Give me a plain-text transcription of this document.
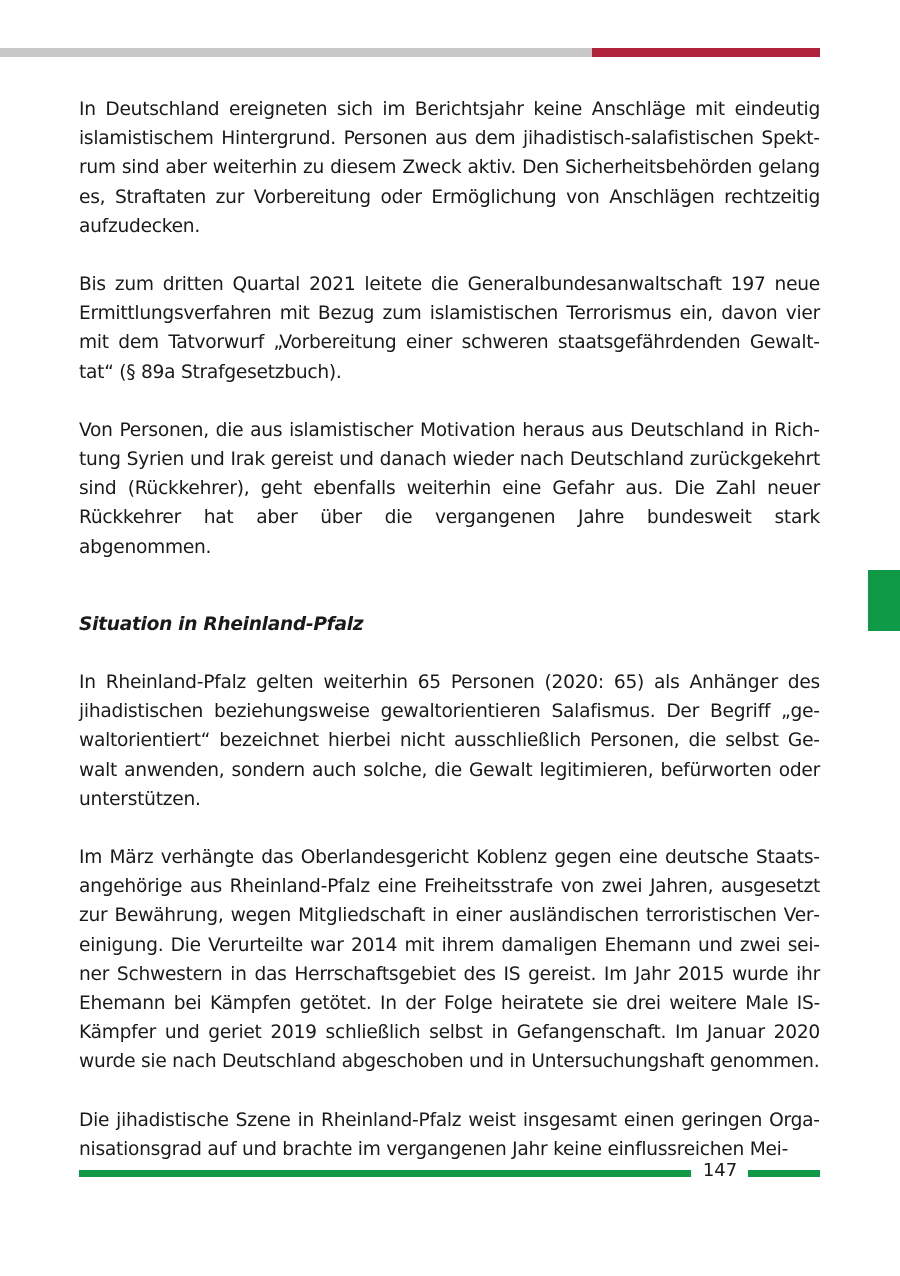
In Deutschland ereigneten sich im Berichtsjahr keine Anschläge mit eindeutig islamistischem Hintergrund. Personen aus dem jihadistisch-salafistischen Spektrum sind aber weiterhin zu diesem Zweck aktiv. Den Sicherheitsbehörden gelang es, Straftaten zur Vorbereitung oder Ermöglichung von Anschlägen rechtzeitig aufzudecken.

Bis zum dritten Quartal 2021 leitete die Generalbundesanwaltschaft 197 neue Ermittlungsverfahren mit Bezug zum islamistischen Terrorismus ein, davon vier mit dem Tatvorwurf „Vorbereitung einer schweren staatsgefährdenden Gewalttat“ (§ 89a Strafgesetzbuch).

Von Personen, die aus islamistischer Motivation heraus aus Deutschland in Richtung Syrien und Irak gereist und danach wieder nach Deutschland zurückgekehrt sind (Rückkehrer), geht ebenfalls weiterhin eine Gefahr aus. Die Zahl neuer Rückkehrer hat aber über die vergangenen Jahre bundesweit stark abgenommen.

Situation in Rheinland-Pfalz

In Rheinland-Pfalz gelten weiterhin 65 Personen (2020: 65) als Anhänger des jihadistischen beziehungsweise gewaltorientieren Salafismus. Der Begriff „gewaltorientiert“ bezeichnet hierbei nicht ausschließlich Personen, die selbst Gewalt anwenden, sondern auch solche, die Gewalt legitimieren, befürworten oder unterstützen.

Im März verhängte das Oberlandesgericht Koblenz gegen eine deutsche Staatsangehörige aus Rheinland-Pfalz eine Freiheitsstrafe von zwei Jahren, ausgesetzt zur Bewährung, wegen Mitgliedschaft in einer ausländischen terroristischen Vereinigung. Die Verurteilte war 2014 mit ihrem damaligen Ehemann und zwei seiner Schwestern in das Herrschaftsgebiet des IS gereist. Im Jahr 2015 wurde ihr Ehemann bei Kämpfen getötet. In der Folge heiratete sie drei weitere Male IS-Kämpfer und geriet 2019 schließlich selbst in Gefangenschaft. Im Januar 2020 wurde sie nach Deutschland abgeschoben und in Untersuchungshaft genommen.

Die jihadistische Szene in Rheinland-Pfalz weist insgesamt einen geringen Organisationsgrad auf und brachte im vergangenen Jahr keine einflussreichen Mei-

147
